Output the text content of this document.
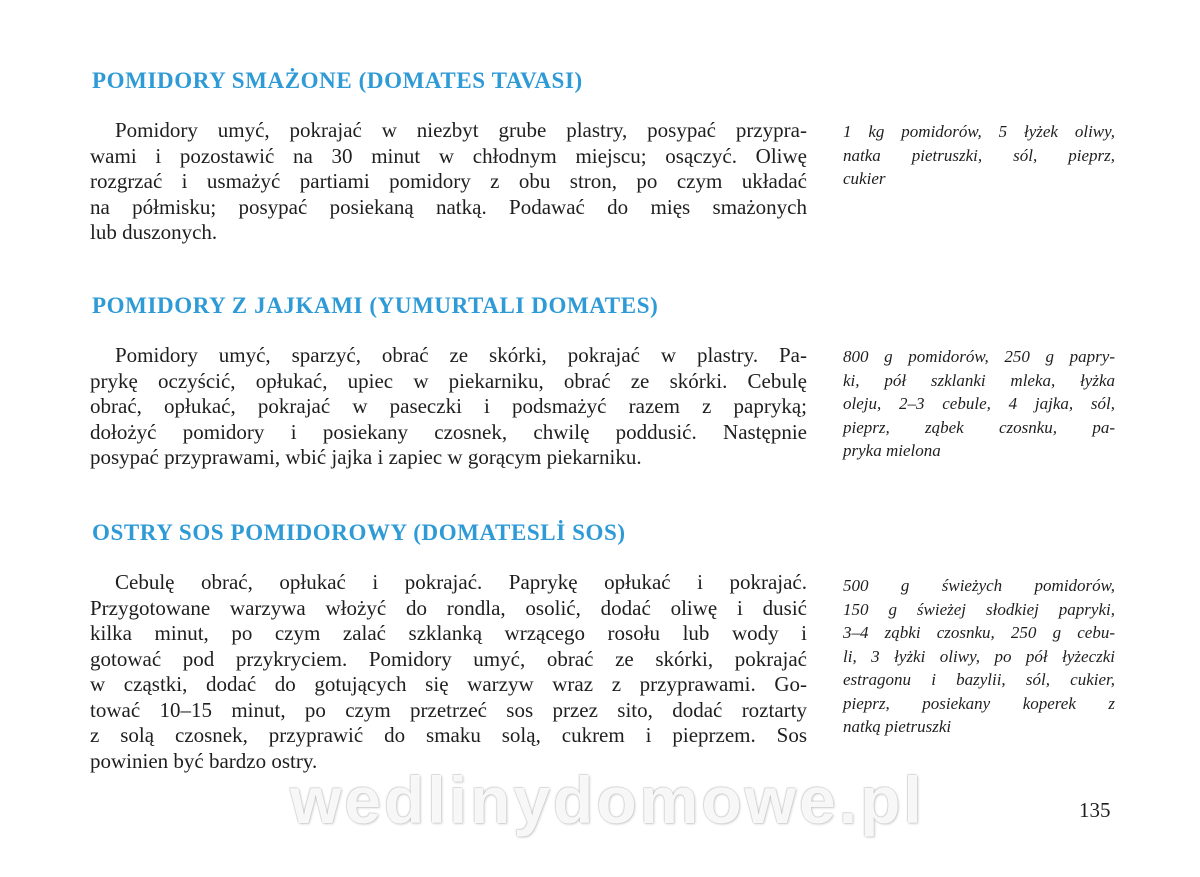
POMIDORY SMAŻONE (DOMATES TAVASI)

Pomidory umyć, pokrajać w niezbyt grube plastry, posypać przypra-
wami i pozostawić na 30 minut w chłodnym miejscu; osączyć. Oliwę
rozgrzać i usmażyć partiami pomidory z obu stron, po czym układać
na półmisku; posypać posiekaną natką. Podawać do mięs smażonych
lub duszonych.

1 kg pomidorów, 5 łyżek oliwy,
natka pietruszki, sól, pieprz,
cukier

POMIDORY Z JAJKAMI (YUMURTALI DOMATES)

Pomidory umyć, sparzyć, obrać ze skórki, pokrajać w plastry. Pa-
prykę oczyścić, opłukać, upiec w piekarniku, obrać ze skórki. Cebulę
obrać, opłukać, pokrajać w paseczki i podsmażyć razem z papryką;
dołożyć pomidory i posiekany czosnek, chwilę poddusić. Następnie
posypać przyprawami, wbić jajka i zapiec w gorącym piekarniku.

800 g pomidorów, 250 g papry-
ki, pół szklanki mleka, łyżka
oleju, 2–3 cebule, 4 jajka, sól,
pieprz, ząbek czosnku, pa-
pryka mielona

OSTRY SOS POMIDOROWY (DOMATESLİ SOS)

Cebulę obrać, opłukać i pokrajać. Paprykę opłukać i pokrajać.
Przygotowane warzywa włożyć do rondla, osolić, dodać oliwę i dusić
kilka minut, po czym zalać szklanką wrzącego rosołu lub wody i
gotować pod przykryciem. Pomidory umyć, obrać ze skórki, pokrajać
w cząstki, dodać do gotujących się warzyw wraz z przyprawami. Go-
tować 10–15 minut, po czym przetrzeć sos przez sito, dodać roztarty
z solą czosnek, przyprawić do smaku solą, cukrem i pieprzem. Sos
powinien być bardzo ostry.

500 g świeżych pomidorów,
150 g świeżej słodkiej papryki,
3–4 ząbki czosnku, 250 g cebu-
li, 3 łyżki oliwy, po pół łyżeczki
estragonu i bazylii, sól, cukier,
pieprz, posiekany koperek z
natką pietruszki

wedlinydomowe.pl	135
